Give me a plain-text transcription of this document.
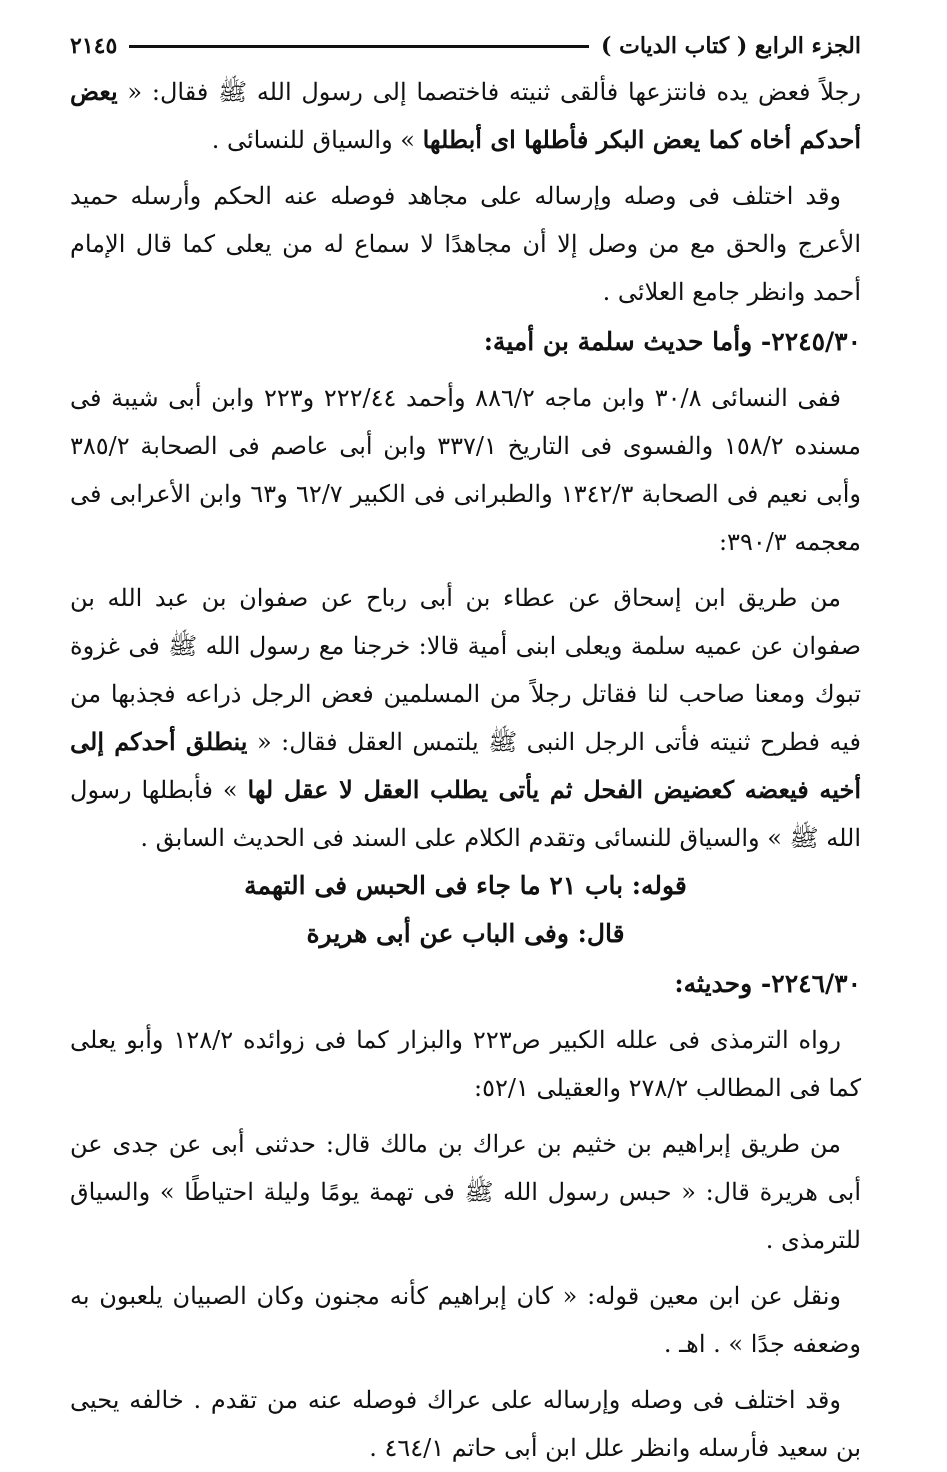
الجزء الرابع ( كتاب الديات )
٢١٤٥

رجلاً فعض يده فانتزعها فألقى ثنيته فاختصما إلى رسول الله ﷺ فقال: « يعض أحدكم أخاه كما يعض البكر فأطلها اى أبطلها » والسياق للنسائى .

وقد اختلف فى وصله وإرساله على مجاهد فوصله عنه الحكم وأرسله حميد الأعرج والحق مع من وصل إلا أن مجاهدًا لا سماع له من يعلى كما قال الإمام أحمد وانظر جامع العلائى .

٢٢٤٥/٣٠- وأما حديث سلمة بن أمية:

ففى النسائى ٣٠/٨ وابن ماجه ٨٨٦/٢ وأحمد ٢٢٢/٤٤ و٢٢٣ وابن أبى شيبة فى مسنده ١٥٨/٢ والفسوى فى التاريخ ٣٣٧/١ وابن أبى عاصم فى الصحابة ٣٨٥/٢ وأبى نعيم فى الصحابة ١٣٤٢/٣ والطبرانى فى الكبير ٦٢/٧ و٦٣ وابن الأعرابى فى معجمه ٣٩٠/٣:

من طريق ابن إسحاق عن عطاء بن أبى رباح عن صفوان بن عبد الله بن صفوان عن عميه سلمة ويعلى ابنى أمية قالا: خرجنا مع رسول الله ﷺ فى غزوة تبوك ومعنا صاحب لنا فقاتل رجلاً من المسلمين فعض الرجل ذراعه فجذبها من فيه فطرح ثنيته فأتى الرجل النبى ﷺ يلتمس العقل فقال: « ينطلق أحدكم إلى أخيه فيعضه كعضيض الفحل ثم يأتى يطلب العقل لا عقل لها » فأبطلها رسول الله ﷺ » والسياق للنسائى وتقدم الكلام على السند فى الحديث السابق .

قوله: باب ٢١ ما جاء فى الحبس فى التهمة

قال: وفى الباب عن أبى هريرة

٢٢٤٦/٣٠- وحديثه:

رواه الترمذى فى علله الكبير ص٢٢٣ والبزار كما فى زوائده ١٢٨/٢ وأبو يعلى كما فى المطالب ٢٧٨/٢ والعقيلى ٥٢/١:

من طريق إبراهيم بن خثيم بن عراك بن مالك قال: حدثنى أبى عن جدى عن أبى هريرة قال: « حبس رسول الله ﷺ فى تهمة يومًا وليلة احتياطًا » والسياق للترمذى .

ونقل عن ابن معين قوله: « كان إبراهيم كأنه مجنون وكان الصبيان يلعبون به وضعفه جدًا » . اهـ .

وقد اختلف فى وصله وإرساله على عراك فوصله عنه من تقدم . خالفه يحيى بن سعيد فأرسله وانظر علل ابن أبى حاتم ٤٦٤/١ .
